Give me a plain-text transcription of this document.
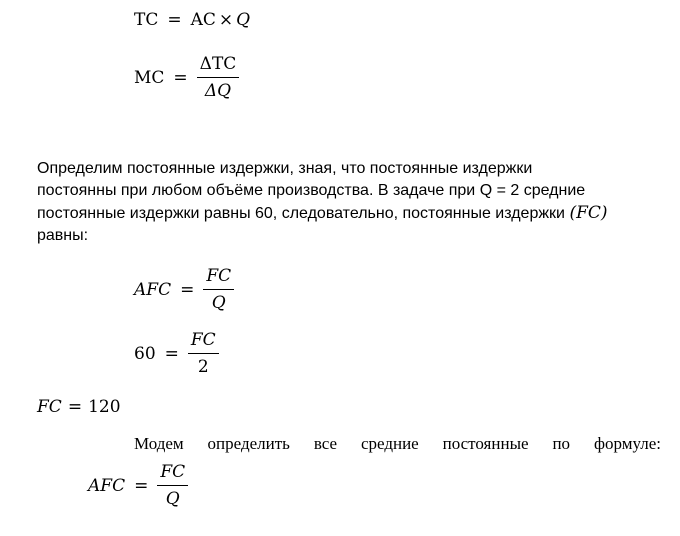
TC = AC × Q
MC = $\frac{\text{ΔTC}}{\Delta Q}$

Определим постоянные издержки, зная, что постоянные издержки
постоянны при любом объёме производства. В задаче при Q = 2 средние
постоянные издержки равны 60, следовательно, постоянные издержки (FC)
равны:

AFC = $\frac{FC}{Q}$
$60 = \frac{FC}{2}$
FC = 120
Модем определить все средние постоянные по формуле:
AFC = $\frac{FC}{Q}$
